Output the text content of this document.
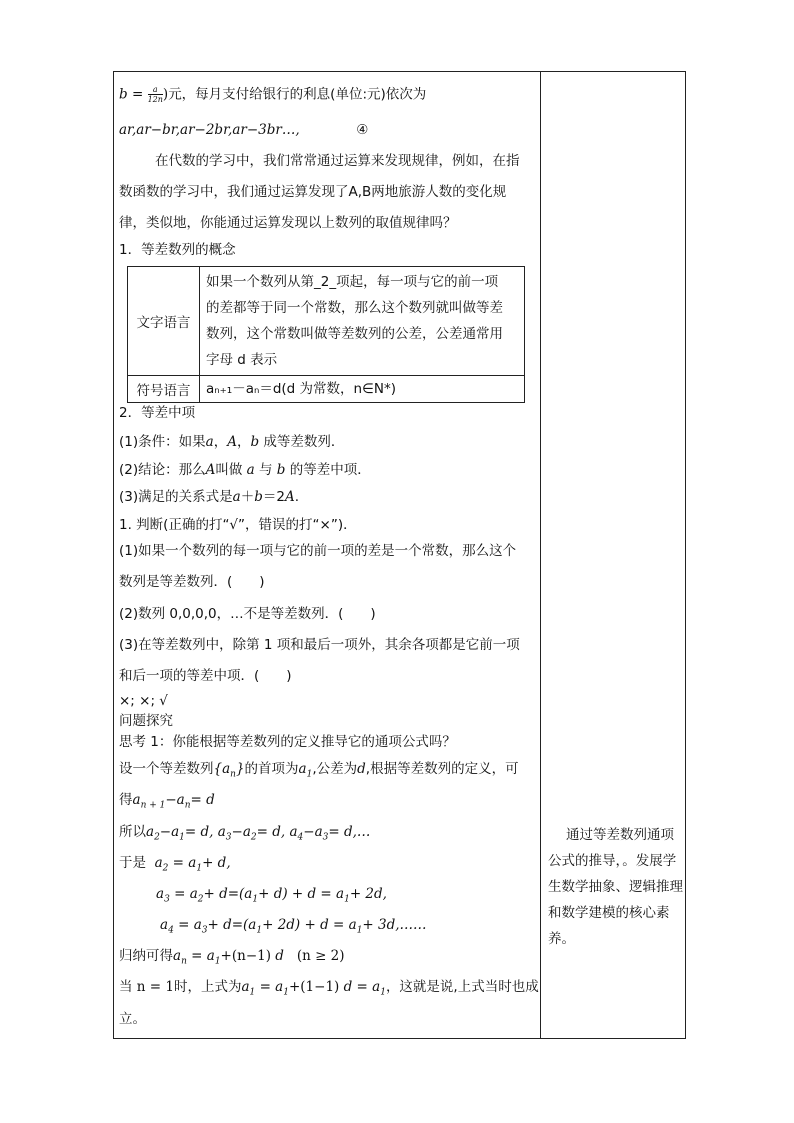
$b = \frac{a}{12n}$ )元，每月支付给银行的利息(单位:元)依次为
ar,ar−br,ar−2br,ar−3br…,	④
在代数的学习中，我们常常通过运算来发现规律，例如，在指
数函数的学习中，我们通过运算发现了A,B两地旅游人数的变化规
律，类似地，你能通过运算发现以上数列的取值规律吗？
1．等差数列的概念
文字语言	如果一个数列从第_2_项起，每一项与它的前一项
的差都等于同一个常数，那么这个数列就叫做等差
数列，这个常数叫做等差数列的公差，公差通常用
字母 d 表示

符号语言	aₙ₊₁－aₙ＝d(d 为常数，n∈N*)
2．等差中项
(1)条件：如果a，A，b 成等差数列．
(2)结论：那么A叫做 a 与 b 的等差中项．
(3)满足的关系式是a＋b＝2A.
1. 判断(正确的打“√”，错误的打“×”)．
(1)如果一个数列的每一项与它的前一项的差是一个常数，那么这个
数列是等差数列．(　　)
(2)数列 0,0,0,0，…不是等差数列．(　　)
(3)在等差数列中，除第 1 项和最后一项外，其余各项都是它前一项
和后一项的等差中项．(　　)
×; ×; √
问题探究
思考 1：你能根据等差数列的定义推导它的通项公式吗？
设一个等差数列$\{a_n\}$的首项为$a_1$,公差为d,根据等差数列的定义，可
得$a_{n + 1}-a_n= d$
所以$a_2-a_1= d$, $a_3-a_2= d$, $a_4-a_3=$ d,…
于是 $a_2 = a_1+ d$,
$a_3 = a_2+ d=(a_1+ d) + d = a_1+ 2d$,
$a_4 = a_3+ d=(a_1+ 2d) + d = a_1+$ 3d,……
归纳可得$a_n = a_1+(n-1)$ d (n ≥ 2)
当 n = 1时，上式为$a_1 = a_1+(1-1) d = a_1$，这就是说,上式当时也成
立。
通过等差数列通项
公式的推导，。发展学
生数学抽象、逻辑推理
和数学建模的核心素
养。
